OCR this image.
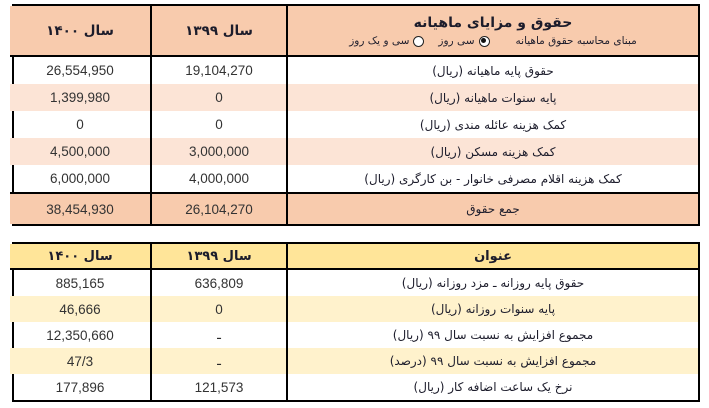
حقوق و مزایای ماهیانه
مبنای محاسبه حقوق ماهیانه
سی روز
سی و یک روز
سال ۱۳۹۹
سال ۱۴۰۰
حقوق پایه ماهیانه (ریال)
19,104,270
26,554,950
پایه سنوات ماهیانه (ریال)
0
1,399,980
کمک هزینه عائله مندی (ریال)
0
0
کمک هزینه مسکن (ریال)
3,000,000
4,500,000
کمک هزینه اقلام مصرفی خانوار - بن کارگری (ریال)
4,000,000
6,000,000
جمع حقوق
26,104,270
38,454,930
عنوان
سال ۱۳۹۹
سال ۱۴۰۰
حقوق پایه روزانه ـ مزد روزانه (ریال)
636,809
885,165
پایه سنوات روزانه (ریال)
0
46,666
مجموع افزایش به نسبت سال ۹۹ (ریال)
ـ
12,350,660
مجموع افزایش به نسبت سال ۹۹ (درصد)
ـ
47/3
نرخ یک ساعت اضافه کار (ریال)
121,573
177,896
